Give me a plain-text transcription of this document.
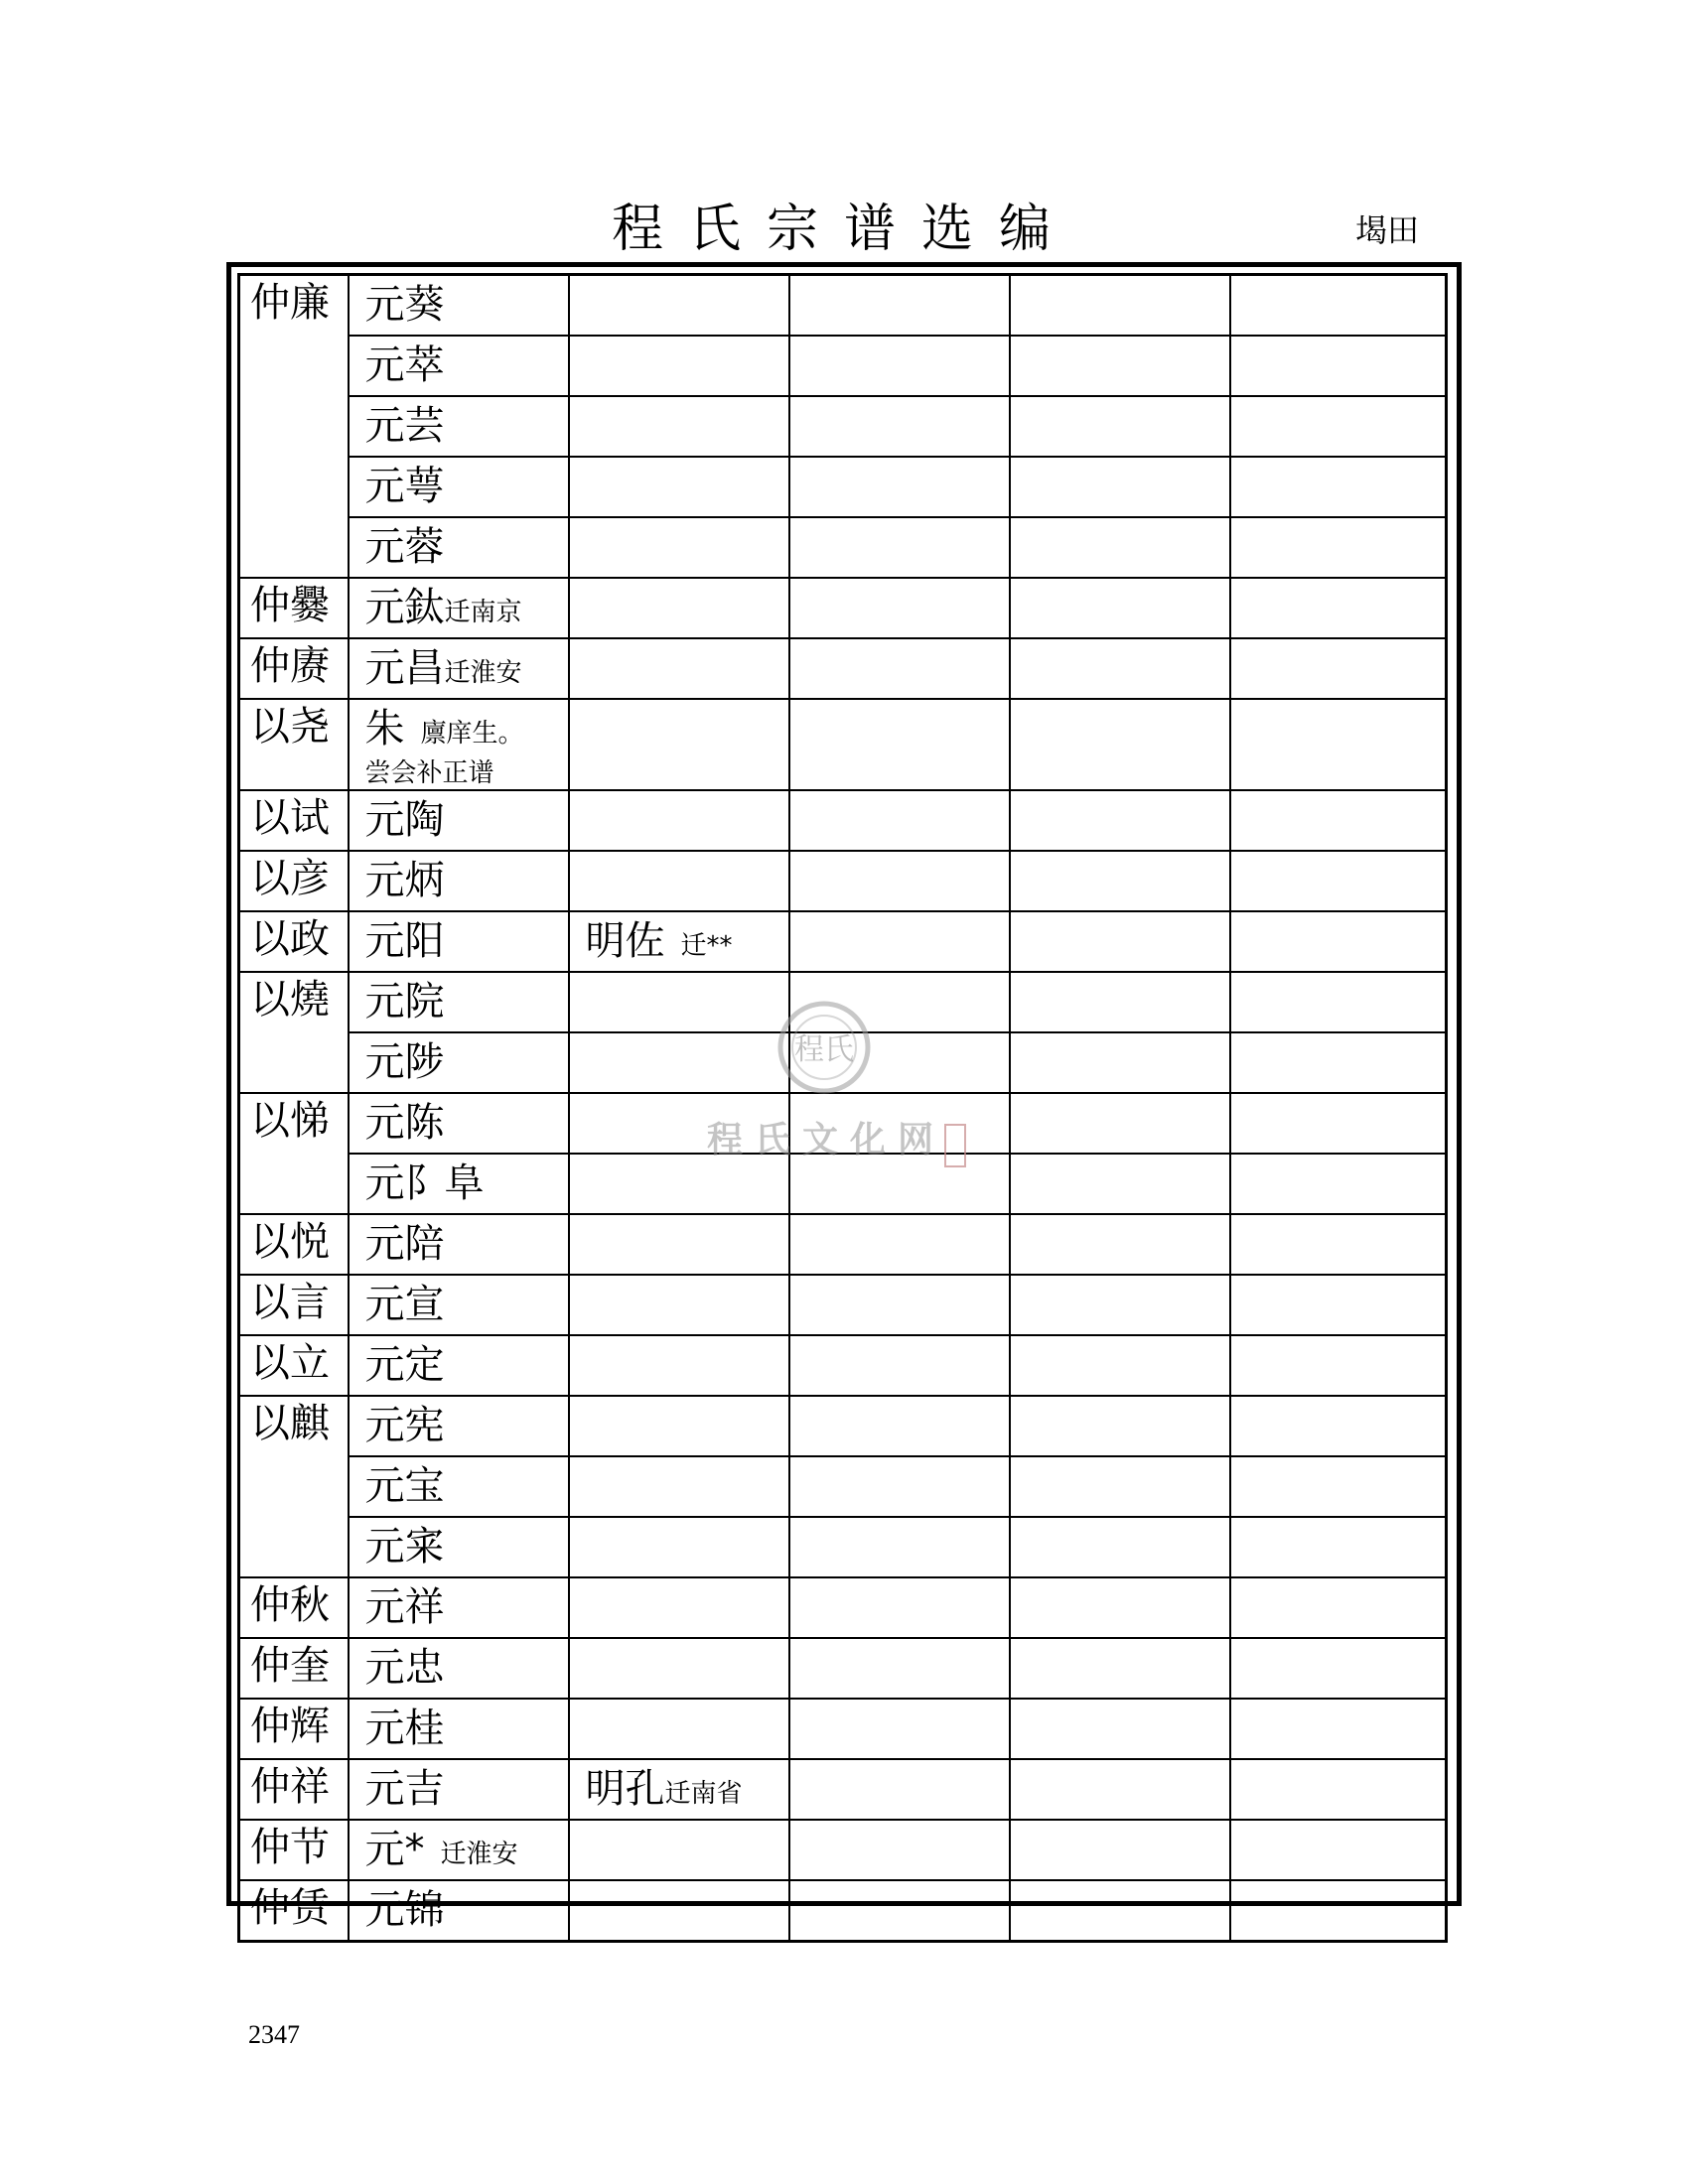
程氏宗谱选编	堨田
仲廉	元葵				
	元萃				
	元芸				
	元萼				
	元蓉				
仲爨	元鈦迁南京				
仲赓	元昌迁淮安				
以尧	朱 廪庠生。
尝会补正谱				

以试	元陶				
以彦	元炳				
以政	元阳	明佐 迁**			
以燒	元院				
	元陟				
以悌	元陈				
	元阝阜				
以悦	元陪				
以言	元宣				
以立	元定				
以麒	元宪				
	元宝				
	元宷				
仲秋	元祥				
仲奎	元忠				
仲辉	元桂				
仲祥	元吉	明孔迁南省			
仲节	元* 迁淮安				
仲赁	元锦				
程氏
程氏文化网
2347
